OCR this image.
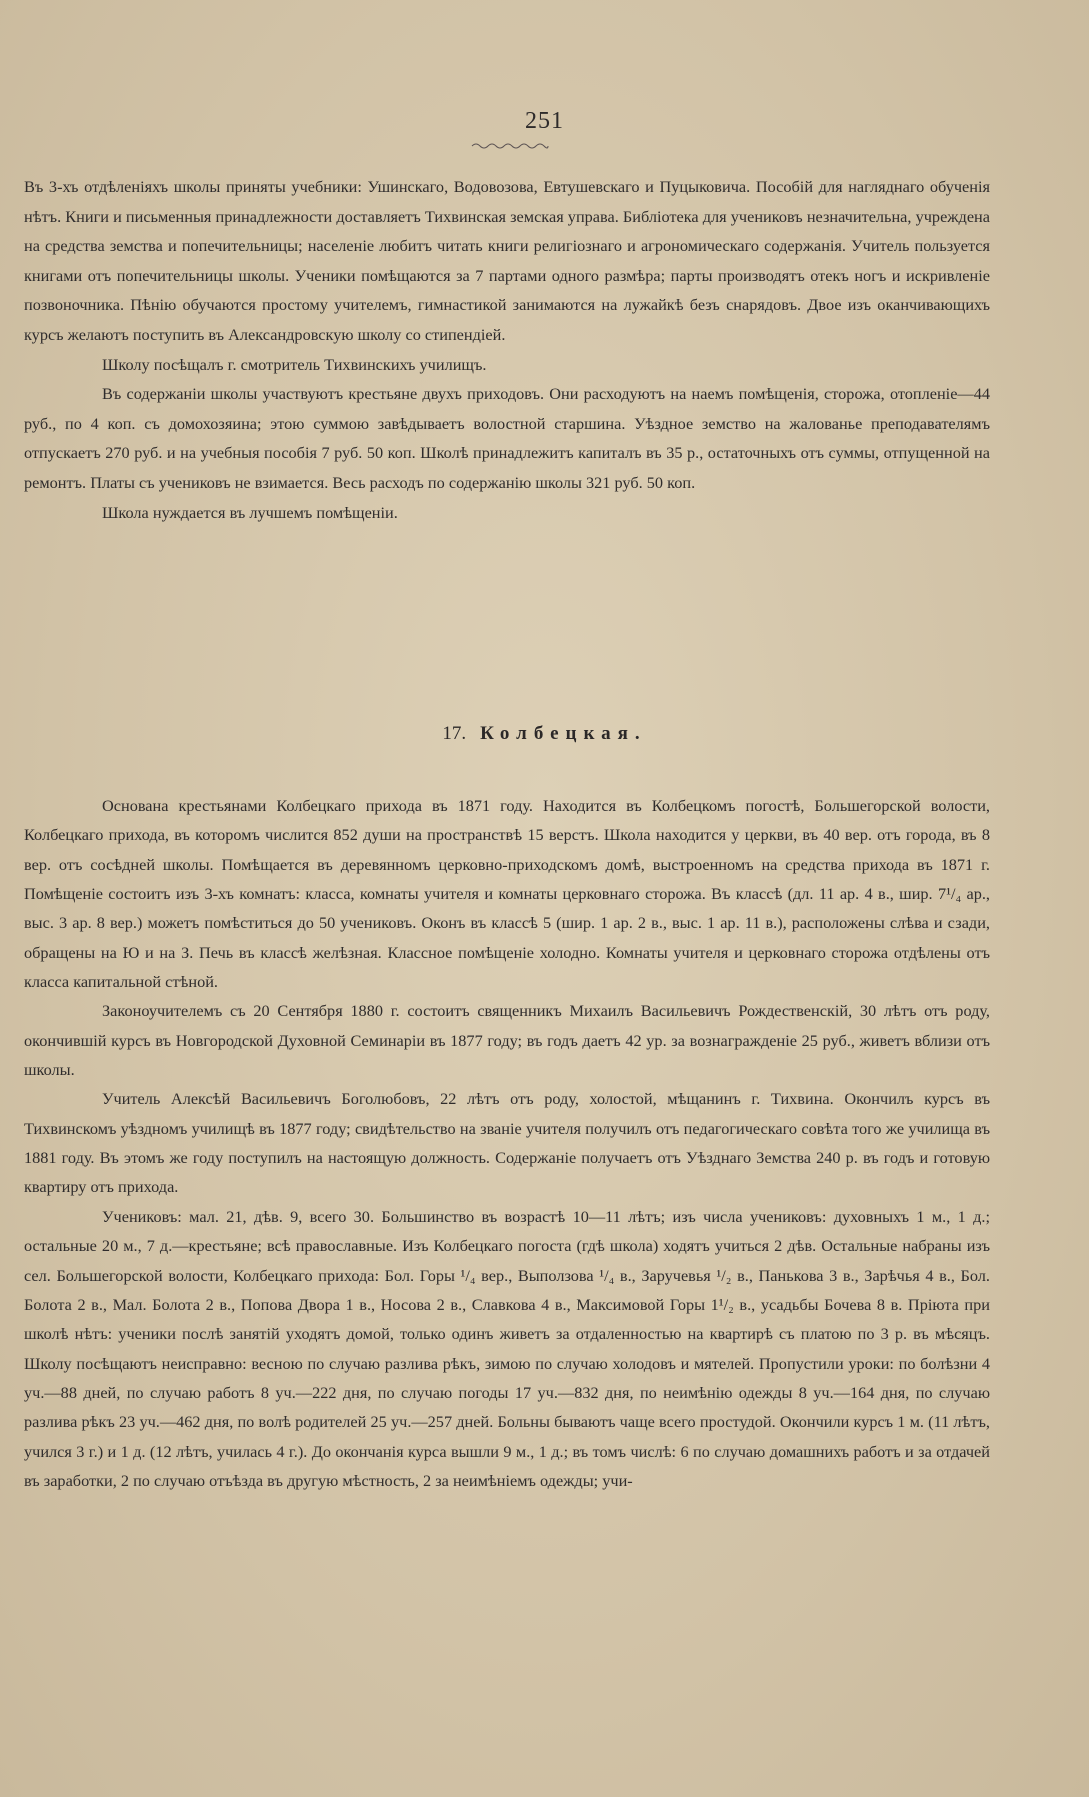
251

Въ 3-хъ отдѣленіяхъ школы приняты учебники: Ушинскаго, Водовозова, Евтушевскаго и Пуцыковича. Пособій для нагляднаго обученія нѣтъ. Книги и письменныя принадлежности доставляетъ Тихвинская земская управа. Библіотека для учениковъ незначительна, учреждена на средства земства и попечительницы; населеніе любитъ читать книги религіознаго и агрономическаго содержанія. Учитель пользуется книгами отъ попечительницы школы. Ученики помѣщаются за 7 партами одного размѣра; парты производятъ отекъ ногъ и искривленіе позвоночника. Пѣнію обучаются простому учителемъ, гимнастикой занимаются на лужайкѣ безъ снарядовъ. Двое изъ оканчивающихъ курсъ желаютъ поступить въ Александровскую школу со стипендіей.

Школу посѣщалъ г. смотритель Тихвинскихъ училищъ.

Въ содержаніи школы участвуютъ крестьяне двухъ приходовъ. Они расходуютъ на наемъ помѣщенія, сторожа, отопленіе—44 руб., по 4 коп. съ домохозяина; этою суммою завѣдываетъ волостной старшина. Уѣздное земство на жалованье преподавателямъ отпускаетъ 270 руб. и на учебныя пособія 7 руб. 50 коп. Школѣ принадлежитъ капиталъ въ 35 р., остаточныхъ отъ суммы, отпущенной на ремонтъ. Платы съ учениковъ не взимается. Весь расходъ по содержанію школы 321 руб. 50 коп.

Школа нуждается въ лучшемъ помѣщеніи.

17. Колбецкая.

Основана крестьянами Колбецкаго прихода въ 1871 году. Находится въ Колбецкомъ погостѣ, Большегорской волости, Колбецкаго прихода, въ которомъ числится 852 души на пространствѣ 15 верстъ. Школа находится у церкви, въ 40 вер. отъ города, въ 8 вер. отъ сосѣдней школы. Помѣщается въ деревянномъ церковно-приходскомъ домѣ, выстроенномъ на средства прихода въ 1871 г. Помѣщеніе состоитъ изъ 3-хъ комнатъ: класса, комнаты учителя и комнаты церковнаго сторожа. Въ классѣ (дл. 11 ар. 4 в., шир. 7¹/₄ ар., выс. 3 ар. 8 вер.) можетъ помѣститься до 50 учениковъ. Оконъ въ классѣ 5 (шир. 1 ар. 2 в., выс. 1 ар. 11 в.), расположены слѣва и сзади, обращены на Ю и на З. Печь въ классѣ желѣзная. Классное помѣщеніе холодно. Комнаты учителя и церковнаго сторожа отдѣлены отъ класса капитальной стѣной.

Законоучителемъ съ 20 Сентября 1880 г. состоитъ священникъ Михаилъ Васильевичъ Рождественскій, 30 лѣтъ отъ роду, окончившій курсъ въ Новгородской Духовной Семинаріи въ 1877 году; въ годъ даетъ 42 ур. за вознагражденіе 25 руб., живетъ вблизи отъ школы.

Учитель Алексѣй Васильевичъ Боголюбовъ, 22 лѣтъ отъ роду, холостой, мѣщанинъ г. Тихвина. Окончилъ курсъ въ Тихвинскомъ уѣздномъ училищѣ въ 1877 году; свидѣтельство на званіе учителя получилъ отъ педагогическаго совѣта того же училища въ 1881 году. Въ этомъ же году поступилъ на настоящую должность. Содержаніе получаетъ отъ Уѣзднаго Земства 240 р. въ годъ и готовую квартиру отъ прихода.

Учениковъ: мал. 21, дѣв. 9, всего 30. Большинство въ возрастѣ 10—11 лѣтъ; изъ числа учениковъ: духовныхъ 1 м., 1 д.; остальные 20 м., 7 д.—крестьяне; всѣ православные. Изъ Колбецкаго погоста (гдѣ школа) ходятъ учиться 2 дѣв. Остальные набраны изъ сел. Большегорской волости, Колбецкаго прихода: Бол. Горы ¹/₄ вер., Выползова ¹/₄ в., Заручевья ¹/₂ в., Панькова 3 в., Зарѣчья 4 в., Бол. Болота 2 в., Мал. Болота 2 в., Попова Двора 1 в., Носова 2 в., Славкова 4 в., Максимовой Горы 1¹/₂ в., усадьбы Бочева 8 в. Пріюта при школѣ нѣтъ: ученики послѣ занятій уходятъ домой, только одинъ живетъ за отдаленностью на квартирѣ съ платою по 3 р. въ мѣсяцъ. Школу посѣщаютъ неисправно: весною по случаю разлива рѣкъ, зимою по случаю холодовъ и мятелей. Пропустили уроки: по болѣзни 4 уч.—88 дней, по случаю работъ 8 уч.—222 дня, по случаю погоды 17 уч.—832 дня, по неимѣнію одежды 8 уч.—164 дня, по случаю разлива рѣкъ 23 уч.—462 дня, по волѣ родителей 25 уч.—257 дней. Больны бываютъ чаще всего простудой. Окончили курсъ 1 м. (11 лѣтъ, учился 3 г.) и 1 д. (12 лѣтъ, училась 4 г.). До окончанія курса вышли 9 м., 1 д.; въ томъ числѣ: 6 по случаю домашнихъ работъ и за отдачей въ заработки, 2 по случаю отъѣзда въ другую мѣстность, 2 за неимѣніемъ одежды; учи-
